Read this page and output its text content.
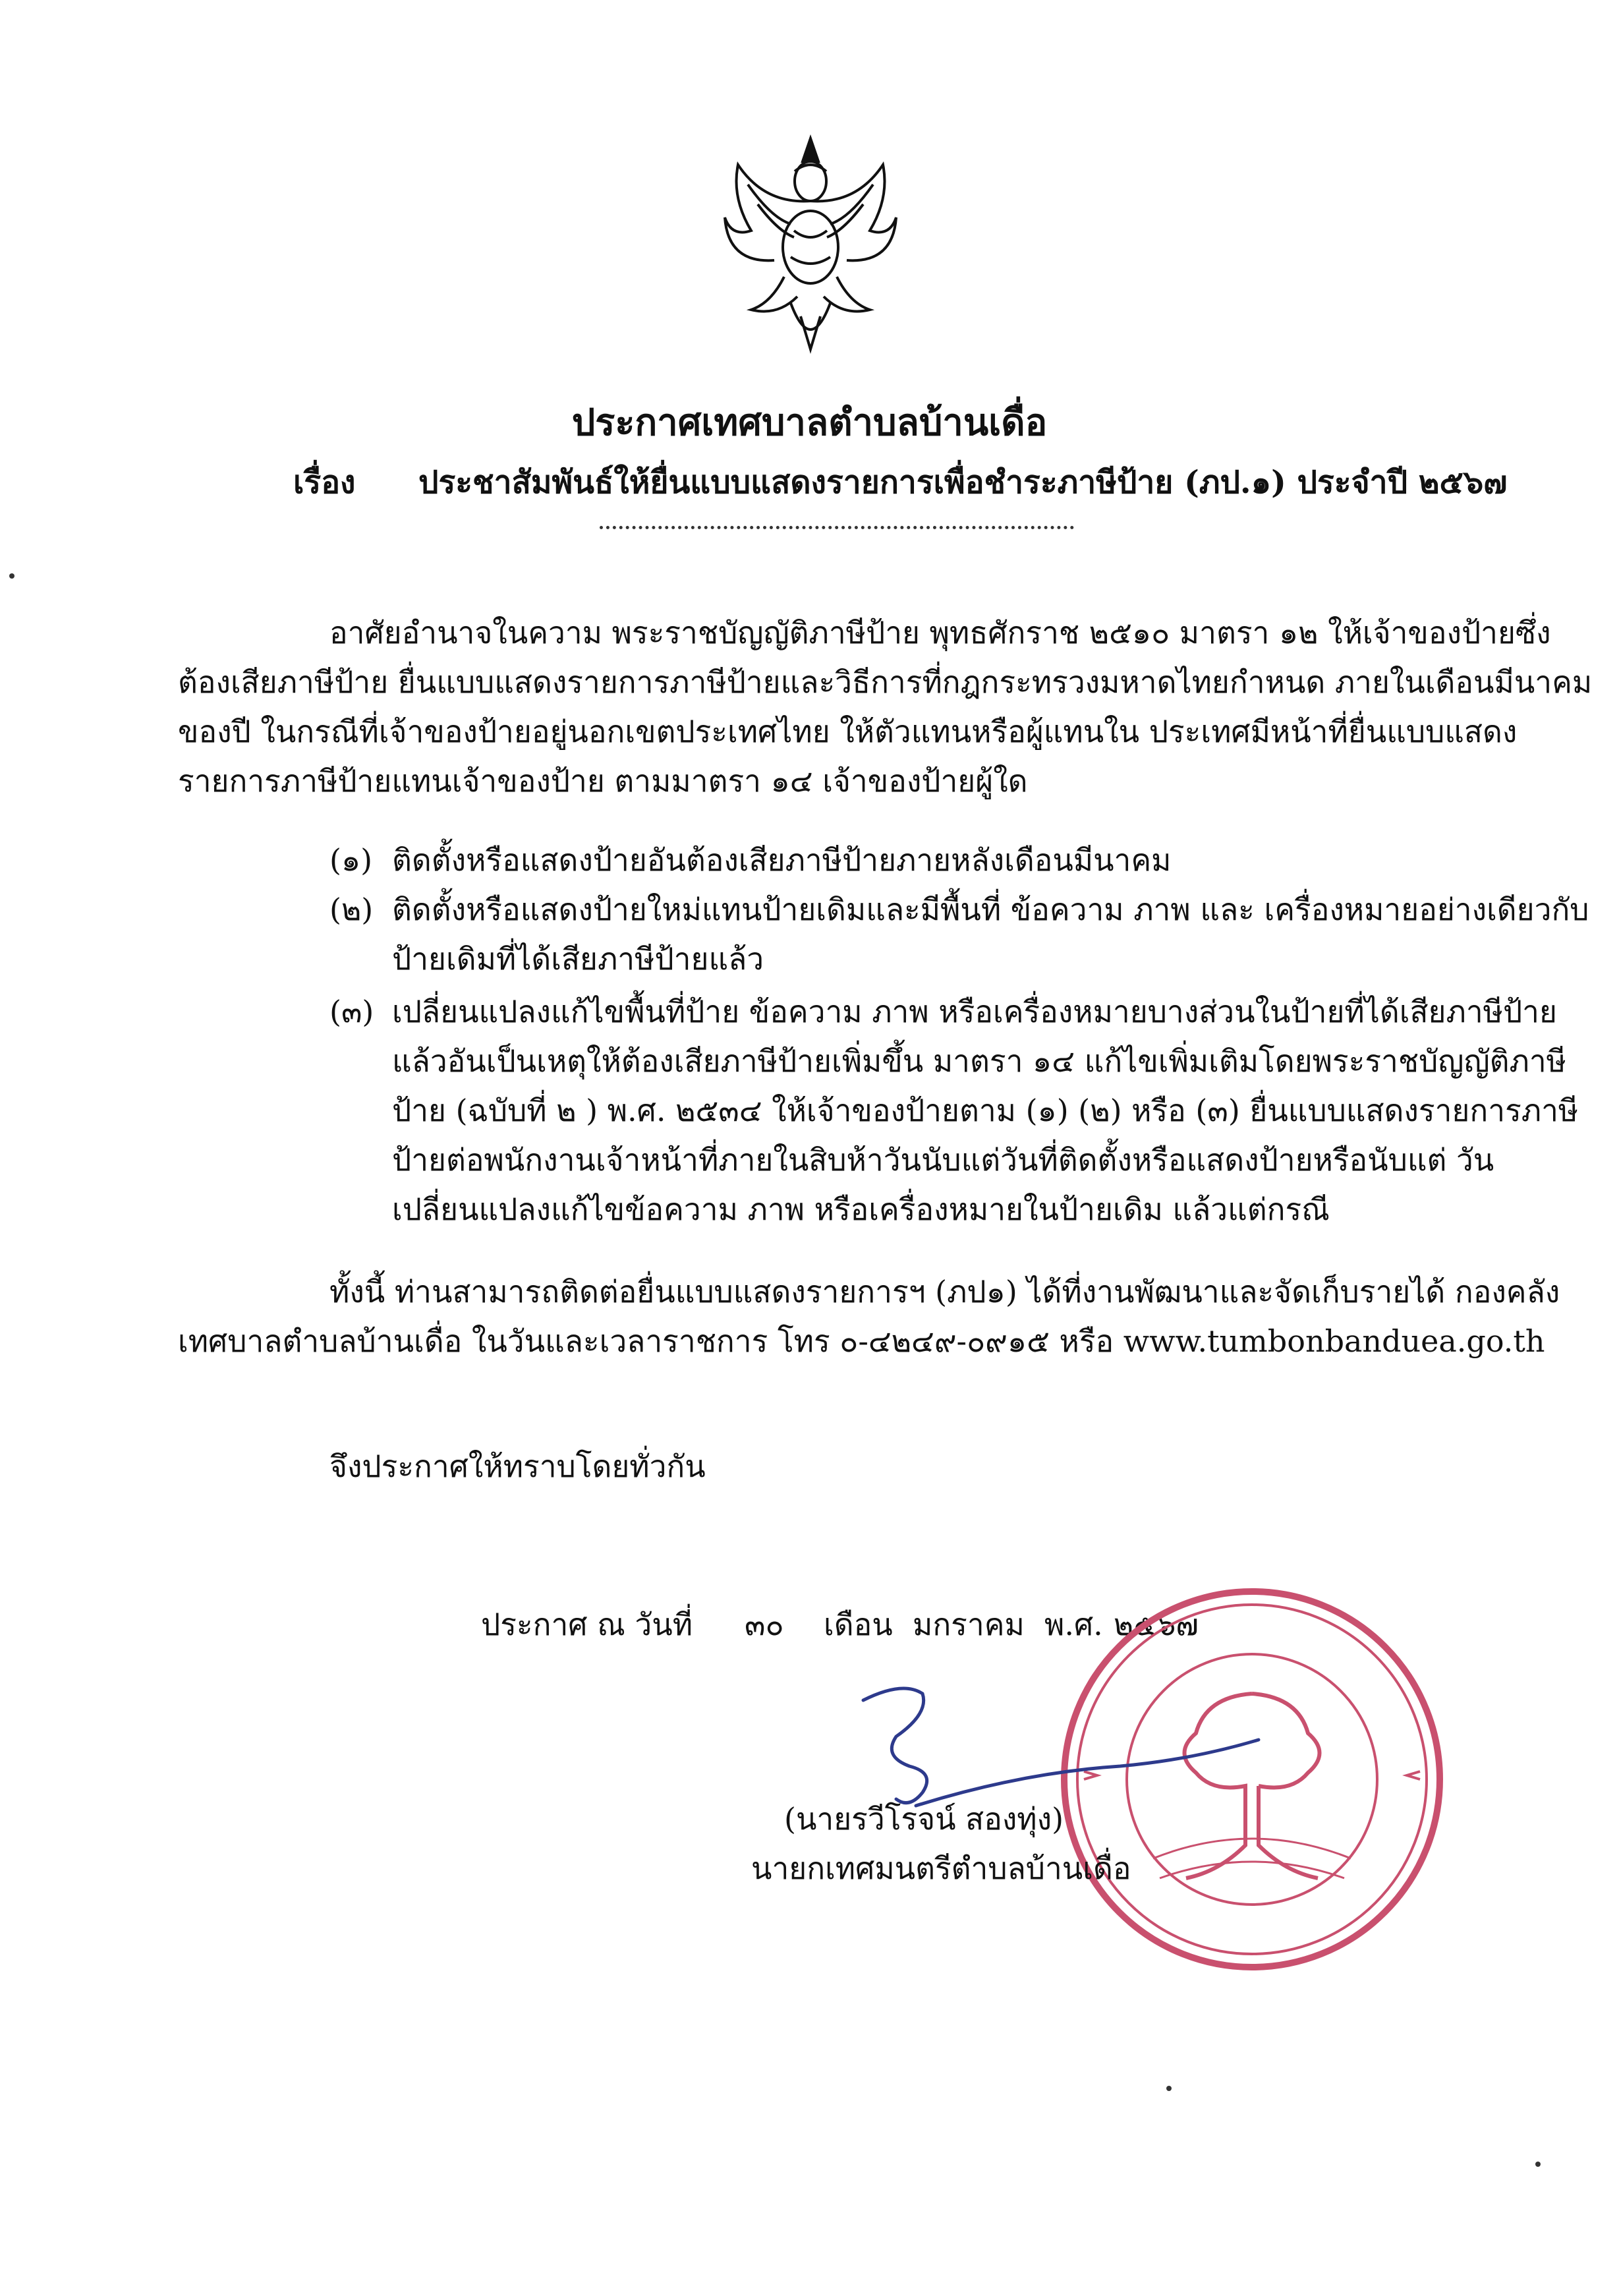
ประกาศเทศบาลตำบลบ้านเดื่อ
เรื่อง ประชาสัมพันธ์ให้ยื่นแบบแสดงรายการเพื่อชำระภาษีป้าย (ภป.๑) ประจำปี ๒๕๖๗
อาศัยอำนาจในความ พระราชบัญญัติภาษีป้าย พุทธศักราช ๒๕๑๐ มาตรา ๑๒ ให้เจ้าของป้ายซึ่ง
ต้องเสียภาษีป้าย ยื่นแบบแสดงรายการภาษีป้ายและวิธีการที่กฎกระทรวงมหาดไทยกำหนด ภายในเดือนมีนาคม
ของปี ในกรณีที่เจ้าของป้ายอยู่นอกเขตประเทศไทย ให้ตัวแทนหรือผู้แทนใน ประเทศมีหน้าที่ยื่นแบบแสดง
รายการภาษีป้ายแทนเจ้าของป้าย ตามมาตรา ๑๔ เจ้าของป้ายผู้ใด
(๑) ติดตั้งหรือแสดงป้ายอันต้องเสียภาษีป้ายภายหลังเดือนมีนาคม
(๒) ติดตั้งหรือแสดงป้ายใหม่แทนป้ายเดิมและมีพื้นที่ ข้อความ ภาพ และ เครื่องหมายอย่างเดียวกับ
ป้ายเดิมที่ได้เสียภาษีป้ายแล้ว
(๓) เปลี่ยนแปลงแก้ไขพื้นที่ป้าย ข้อความ ภาพ หรือเครื่องหมายบางส่วนในป้ายที่ได้เสียภาษีป้าย
แล้วอันเป็นเหตุให้ต้องเสียภาษีป้ายเพิ่มขึ้น มาตรา ๑๔ แก้ไขเพิ่มเติมโดยพระราชบัญญัติภาษี
ป้าย (ฉบับที่ ๒ ) พ.ศ. ๒๕๓๔ ให้เจ้าของป้ายตาม (๑) (๒) หรือ (๓) ยื่นแบบแสดงรายการภาษี
ป้ายต่อพนักงานเจ้าหน้าที่ภายในสิบห้าวันนับแต่วันที่ติดตั้งหรือแสดงป้ายหรือนับแต่ วัน
เปลี่ยนแปลงแก้ไขข้อความ ภาพ หรือเครื่องหมายในป้ายเดิม แล้วแต่กรณี
ทั้งนี้ ท่านสามารถติดต่อยื่นแบบแสดงรายการฯ (ภป๑) ได้ที่งานพัฒนาและจัดเก็บรายได้ กองคลัง
เทศบาลตำบลบ้านเดื่อ ในวันและเวลาราชการ โทร ๐-๔๒๔๙-๐๙๑๕ หรือ www.tumbonbanduea.go.th
จึงประกาศให้ทราบโดยทั่วกัน
ประกาศ ณ วันที่ ๓๐ เดือน มกราคม พ.ศ. ๒๕๖๗
(นายรวีโรจน์ สองทุ่ง)
นายกเทศมนตรีตำบลบ้านเดื่อ
